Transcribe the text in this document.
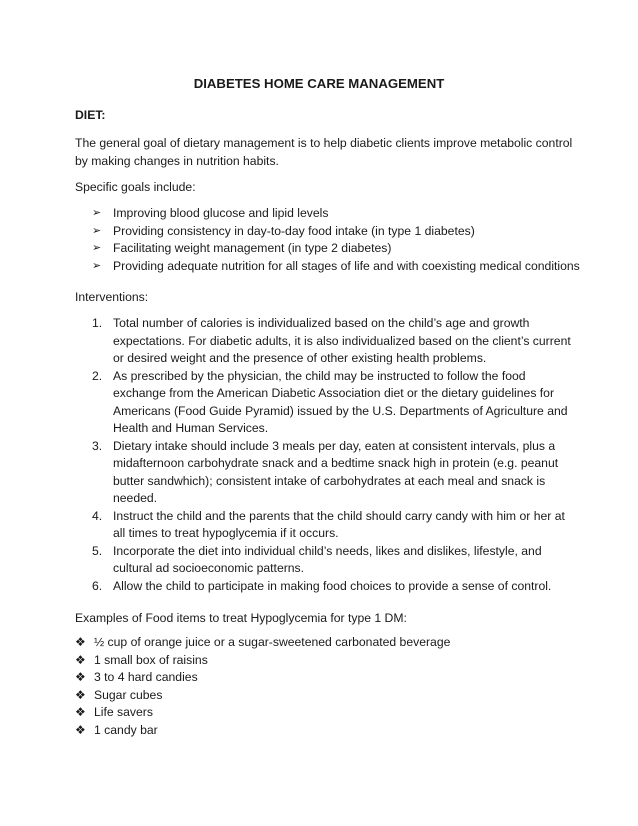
DIABETES HOME CARE MANAGEMENT
DIET:
The general goal of dietary management is to help diabetic clients improve metabolic control by making changes in nutrition habits.
Specific goals include:
➢ Improving blood glucose and lipid levels
➢ Providing consistency in day-to-day food intake (in type 1 diabetes)
➢ Facilitating weight management (in type 2 diabetes)
➢ Providing adequate nutrition for all stages of life and with coexisting medical conditions
Interventions:
1. Total number of calories is individualized based on the child’s age and growth expectations. For diabetic adults, it is also individualized based on the client’s current or desired weight and the presence of other existing health problems.
2. As prescribed by the physician, the child may be instructed to follow the food exchange from the American Diabetic Association diet or the dietary guidelines for Americans (Food Guide Pyramid) issued by the U.S. Departments of Agriculture and Health and Human Services.
3. Dietary intake should include 3 meals per day, eaten at consistent intervals, plus a midafternoon carbohydrate snack and a bedtime snack high in protein (e.g. peanut butter sandwhich); consistent intake of carbohydrates at each meal and snack is needed.
4. Instruct the child and the parents that the child should carry candy with him or her at all times to treat hypoglycemia if it occurs.
5. Incorporate the diet into individual child’s needs, likes and dislikes, lifestyle, and cultural ad socioeconomic patterns.
6. Allow the child to participate in making food choices to provide a sense of control.
Examples of Food items to treat Hypoglycemia for type 1 DM:
❖ ½ cup of orange juice or a sugar-sweetened carbonated beverage
❖ 1 small box of raisins
❖ 3 to 4 hard candies
❖ Sugar cubes
❖ Life savers
❖ 1 candy bar
